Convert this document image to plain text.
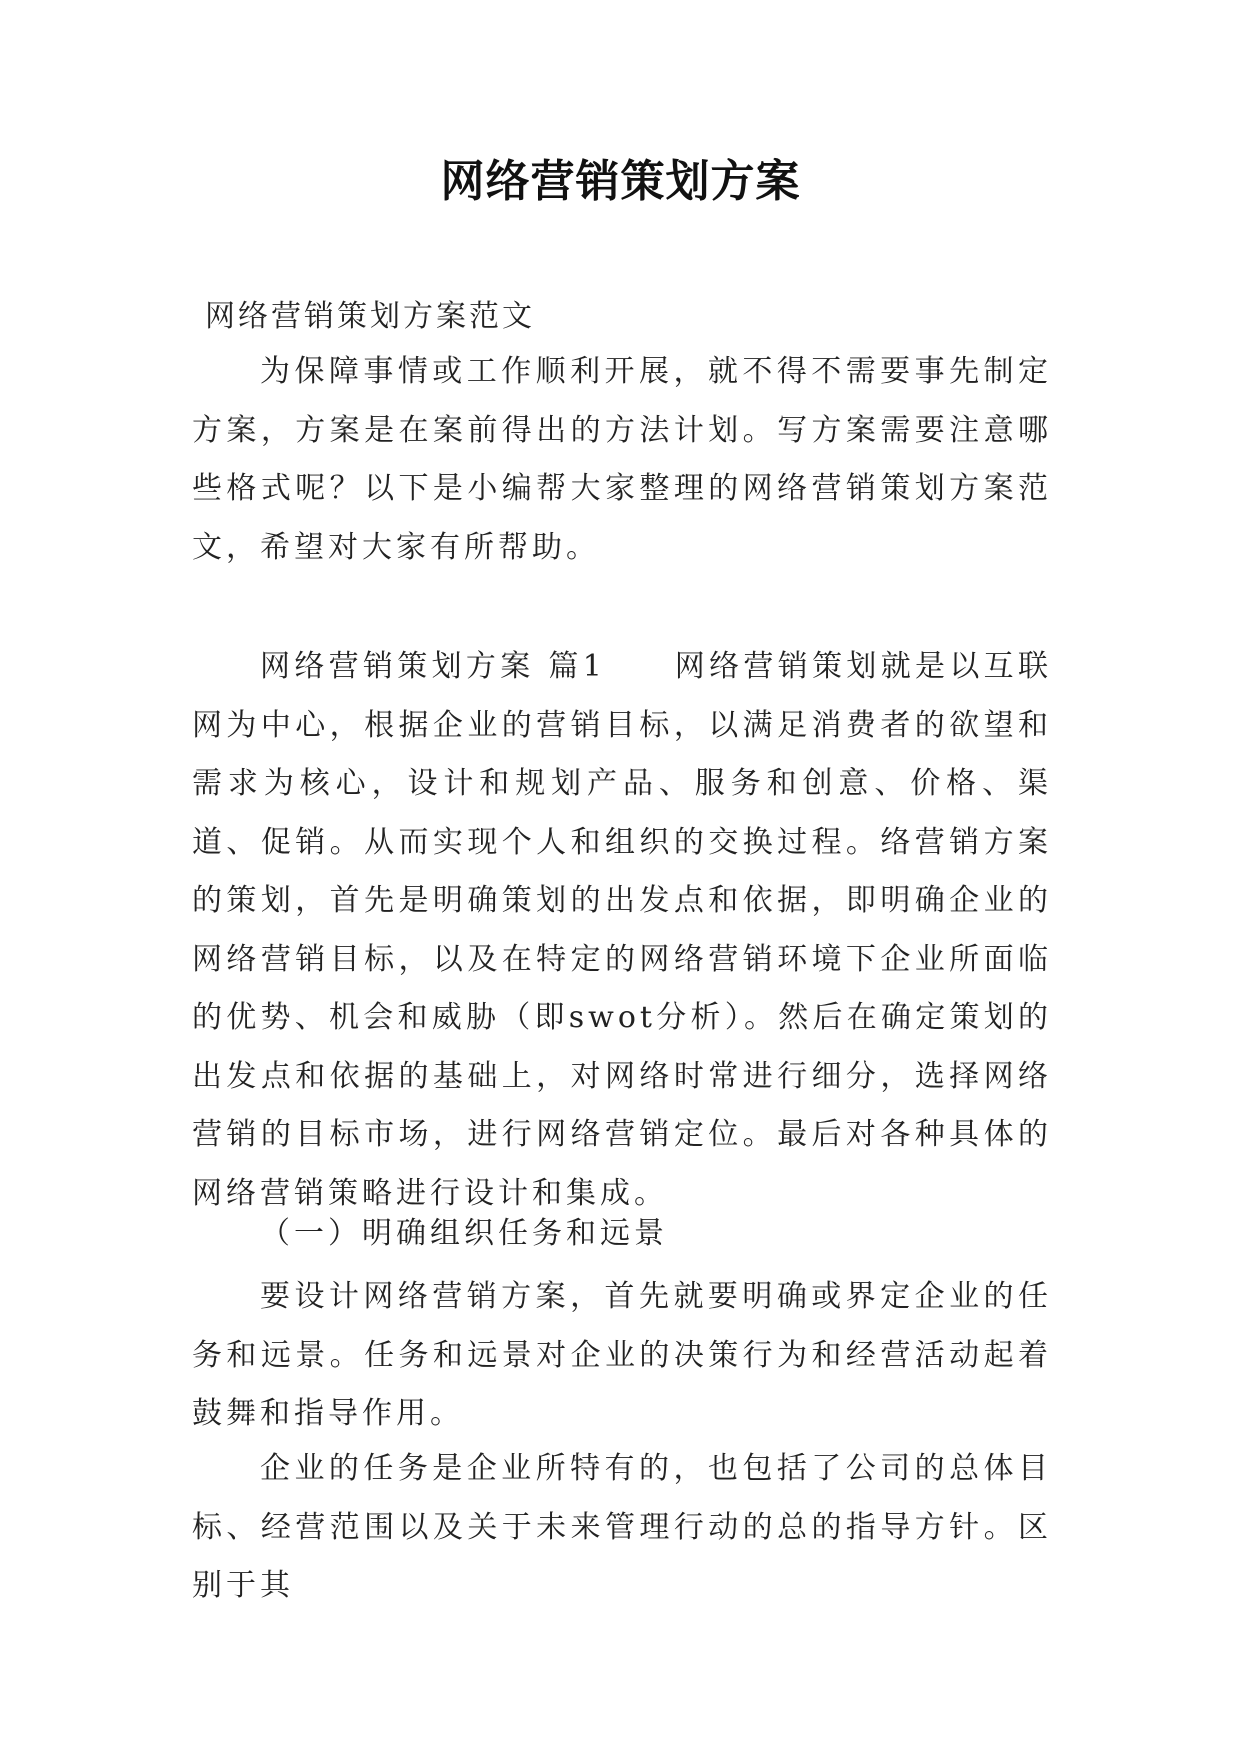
网络营销策划方案
网络营销策划方案范文

为保障事情或工作顺利开展，就不得不需要事先制定方案，方案是在案前得出的方法计划。写方案需要注意哪些格式呢？以下是小编帮大家整理的网络营销策划方案范文，希望对大家有所帮助。

网络营销策划方案 篇1　　网络营销策划就是以互联网为中心，根据企业的营销目标，以满足消费者的欲望和需求为核心，设计和规划产品、服务和创意、价格、渠道、促销。从而实现个人和组织的交换过程。络营销方案的策划，首先是明确策划的出发点和依据，即明确企业的网络营销目标，以及在特定的网络营销环境下企业所面临的优势、机会和威胁（即swot分析）。然后在确定策划的出发点和依据的基础上，对网络时常进行细分，选择网络营销的目标市场，进行网络营销定位。最后对各种具体的网络营销策略进行设计和集成。

（一）明确组织任务和远景

要设计网络营销方案，首先就要明确或界定企业的任务和远景。任务和远景对企业的决策行为和经营活动起着鼓舞和指导作用。

企业的任务是企业所特有的，也包括了公司的总体目标、经营范围以及关于未来管理行动的总的指导方针。区别于其
